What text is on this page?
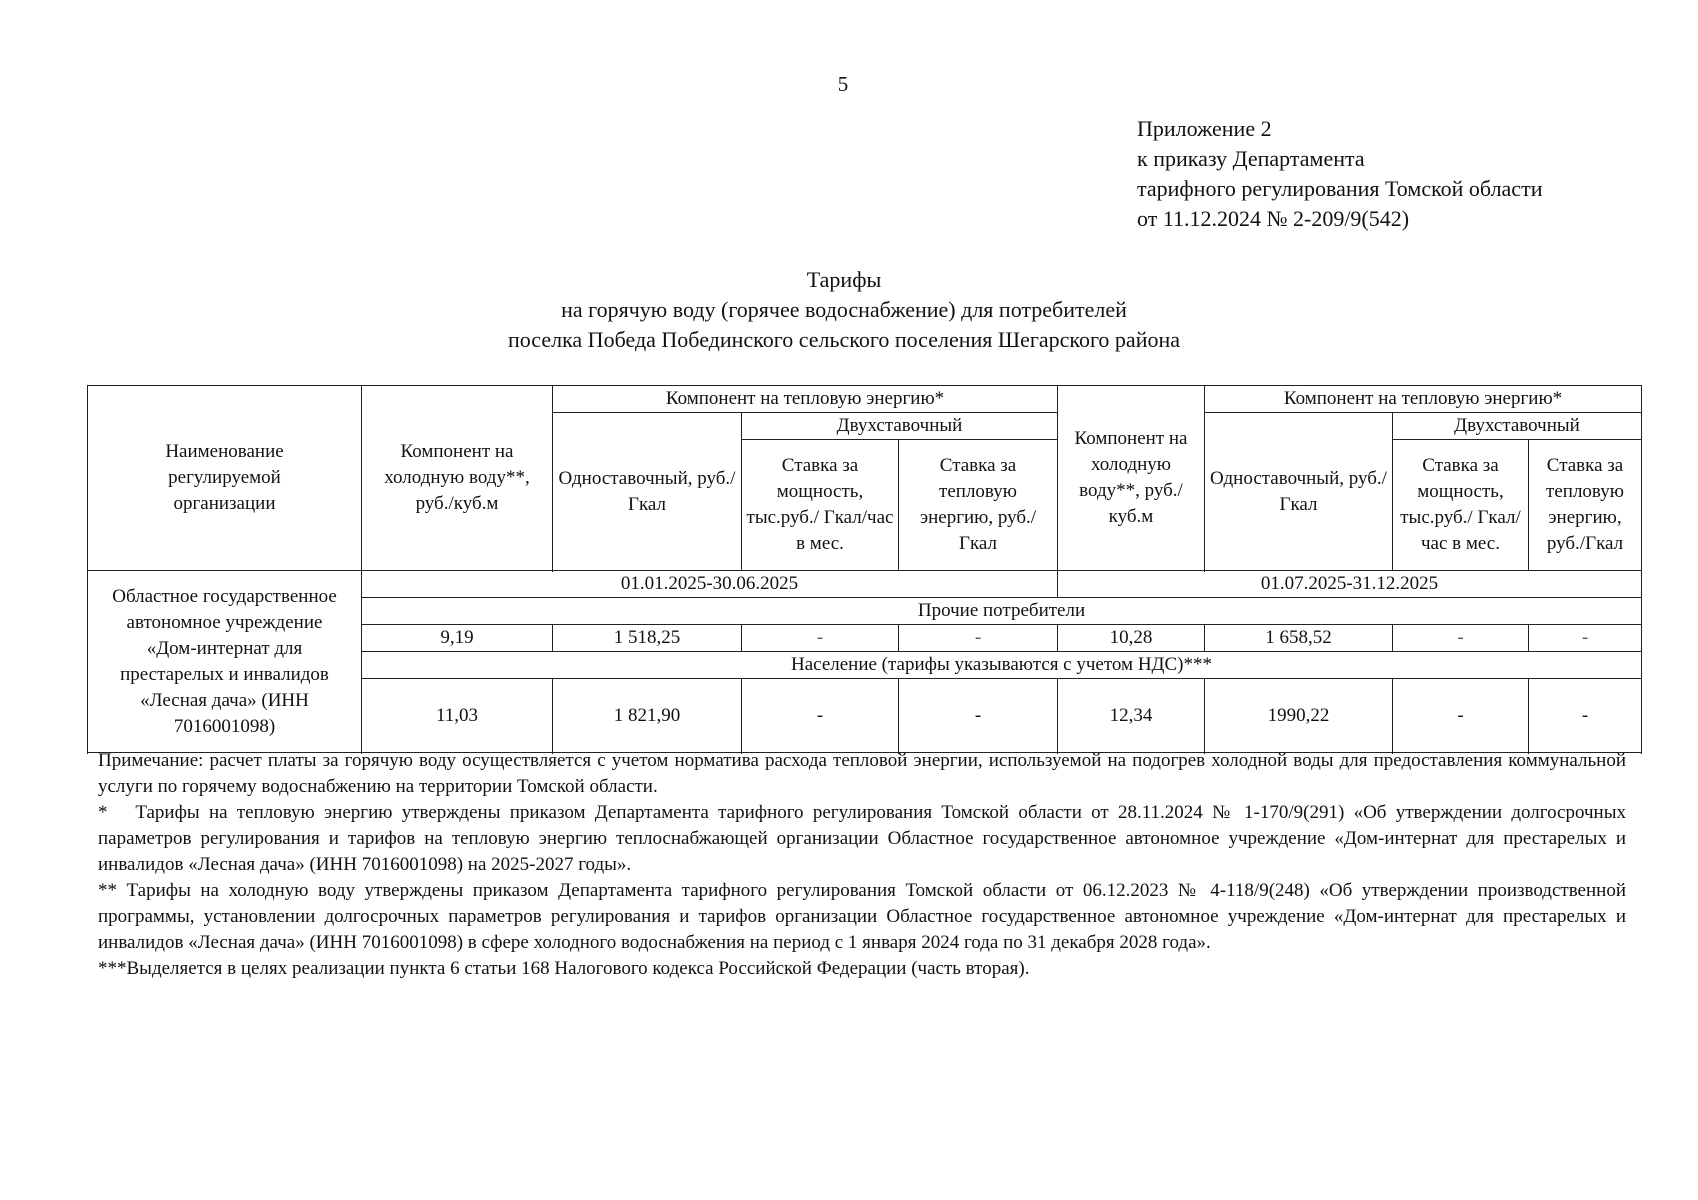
5
Приложение 2
к приказу Департамента
тарифного регулирования Томской области
от 11.12.2024 № 2-209/9(542)
Тарифы
на горячую воду (горячее водоснабжение) для потребителей
поселка Победа Побединского сельского поселения Шегарского района
Наименование регулируемой организации	Компонент на холодную воду**, руб./куб.м	Компонент на тепловую энергию*			Компонент на холодную воду**, руб./куб.м	Компонент на тепловую энергию*		
		Одноставочный, руб./Гкал	Двухставочный			Одноставочный, руб./Гкал	Двухставочный	
			Ставка за мощность, тыс.руб./ Гкал/час в мес.	Ставка за тепловую энергию, руб./Гкал			Ставка за мощность, тыс.руб./ Гкал/час в мес.	Ставка за тепловую энергию, руб./Гкал

Областное государственное автономное учреждение «Дом-интернат для престарелых и инвалидов «Лесная дача» (ИНН 7016001098)	01.01.2025-30.06.2025				01.07.2025-31.12.2025			
	Прочие потребители							
	9,19	1 518,25	-	-	10,28	1 658,52	-	-
	Население (тарифы указываются с учетом НДС)***							
	11,03	1 821,90	-	-	12,34	1990,22	-	-

Примечание: расчет платы за горячую воду осуществляется с учетом норматива расхода тепловой энергии, используемой на подогрев холодной воды для предоставления коммунальной услуги по горячему водоснабжению на территории Томской области.

*   Тарифы на тепловую энергию утверждены приказом Департамента тарифного регулирования Томской области от 28.11.2024 № 1-170/9(291) «Об утверждении долгосрочных параметров регулирования и тарифов на тепловую энергию теплоснабжающей организации Областное государственное автономное учреждение «Дом-интернат для престарелых и инвалидов «Лесная дача» (ИНН 7016001098) на 2025-2027 годы».

** Тарифы на холодную воду утверждены приказом Департамента тарифного регулирования Томской области от 06.12.2023 № 4-118/9(248) «Об утверждении производственной программы, установлении долгосрочных параметров регулирования и тарифов организации Областное государственное автономное учреждение «Дом-интернат для престарелых и инвалидов «Лесная дача» (ИНН 7016001098) в сфере холодного водоснабжения на период с 1 января 2024 года по 31 декабря 2028 года».

***Выделяется в целях реализации пункта 6 статьи 168 Налогового кодекса Российской Федерации (часть вторая).
